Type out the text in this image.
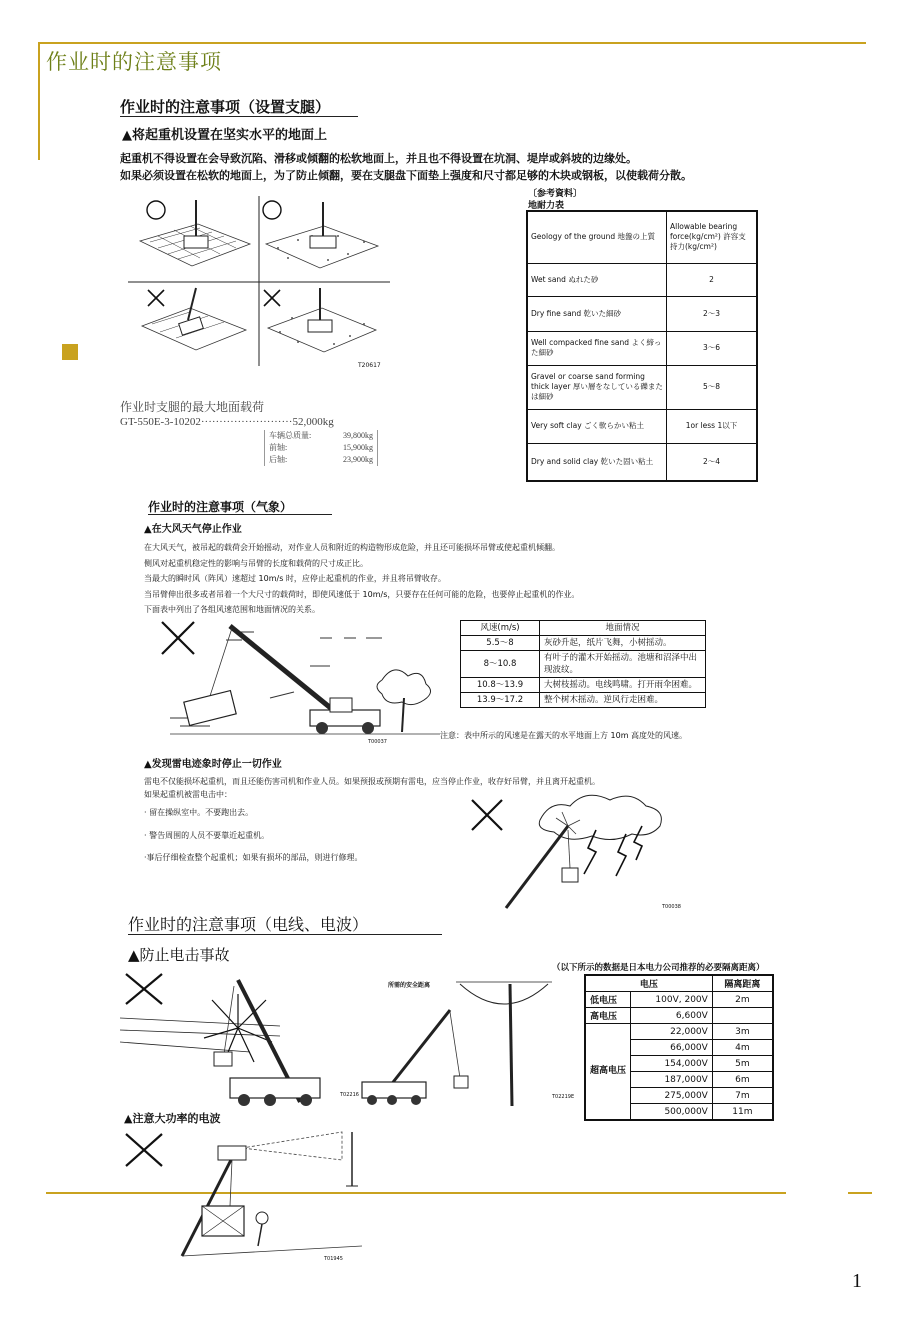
作业时的注意事项
1
作业时的注意事项（设置支腿）
▲将起重机设置在坚实水平的地面上
起重机不得设置在会导致沉陷、滑移或倾翻的松软地面上，并且也不得设置在坑洞、堤岸或斜坡的边缘处。
如果必须设置在松软的地面上，为了防止倾翻，要在支腿盘下面垫上强度和尺寸都足够的木块或钢板，以使载荷分散。
T20617
〔参考資料〕
地耐力表
Geology of the ground 地盤の上質	Allowable bearing force(kg/cm²) 許容支持力(kg/cm²)
Wet sand ぬれた砂	2
Dry fine sand 乾いた細砂	2～3
Well compacked fine sand よく締った細砂	3～6
Gravel or coarse sand forming thick layer 厚い層をなしている礫または細砂	5～8
Very soft clay ごく軟らかい粘土	1or less 1以下
Dry and solid clay 乾いた固い粘土	2～4
作业时支腿的最大地面载荷
GT-550E-3-10202·························52,000kg
车辆总质量:	39,800kg
前轴:	15,900kg
后轴:	23,900kg
作业时的注意事项（气象）
▲在大风天气停止作业
在大风天气，被吊起的载荷会开始摇动，对作业人员和附近的构造物形成危险，并且还可能损坏吊臂或使起重机倾翻。
侧风对起重机稳定性的影响与吊臂的长度和载荷的尺寸成正比。
当最大的瞬时风（阵风）速超过 10m/s 时，应停止起重机的作业，并且将吊臂收存。
当吊臂伸出很多或者吊着一个大尺寸的载荷时，即使风速低于 10m/s，只要存在任何可能的危险，也要停止起重机的作业。
下面表中列出了各组风速范围和地面情况的关系。
T00037
风速(m/s)	地面情况
5.5～8	灰砂升起，纸片飞舞，小树摇动。
8～10.8	有叶子的灌木开始摇动。池塘和沼泽中出现波纹。
10.8～13.9	大树枝摇动。电线鸣啸。打开雨伞困难。
13.9～17.2	整个树木摇动。逆风行走困难。
注意：表中所示的风速是在露天的水平地面上方 10m 高度处的风速。
▲发现雷电迹象时停止一切作业
雷电不仅能损坏起重机，而且还能伤害司机和作业人员。如果预报或预期有雷电，应当停止作业，收存好吊臂，并且离开起重机。
如果起重机被雷电击中：
· 留在操纵室中。不要跑出去。
· 警告周围的人员不要靠近起重机。
·事后仔细检查整个起重机；如果有损坏的部品，则进行修理。
T00038
作业时的注意事项（电线、电波）
▲防止电击事故
（以下所示的数据是日本电力公司推荐的必要隔离距离）
所需的安全距离
T02216	T02219E
电压		隔离距离
低电压	100V, 200V	2m
高电压	6,600V	
超高电压	22,000V	3m
	66,000V	4m
	154,000V	5m
	187,000V	6m
	275,000V	7m
	500,000V	11m
▲注意大功率的电波
T01945
